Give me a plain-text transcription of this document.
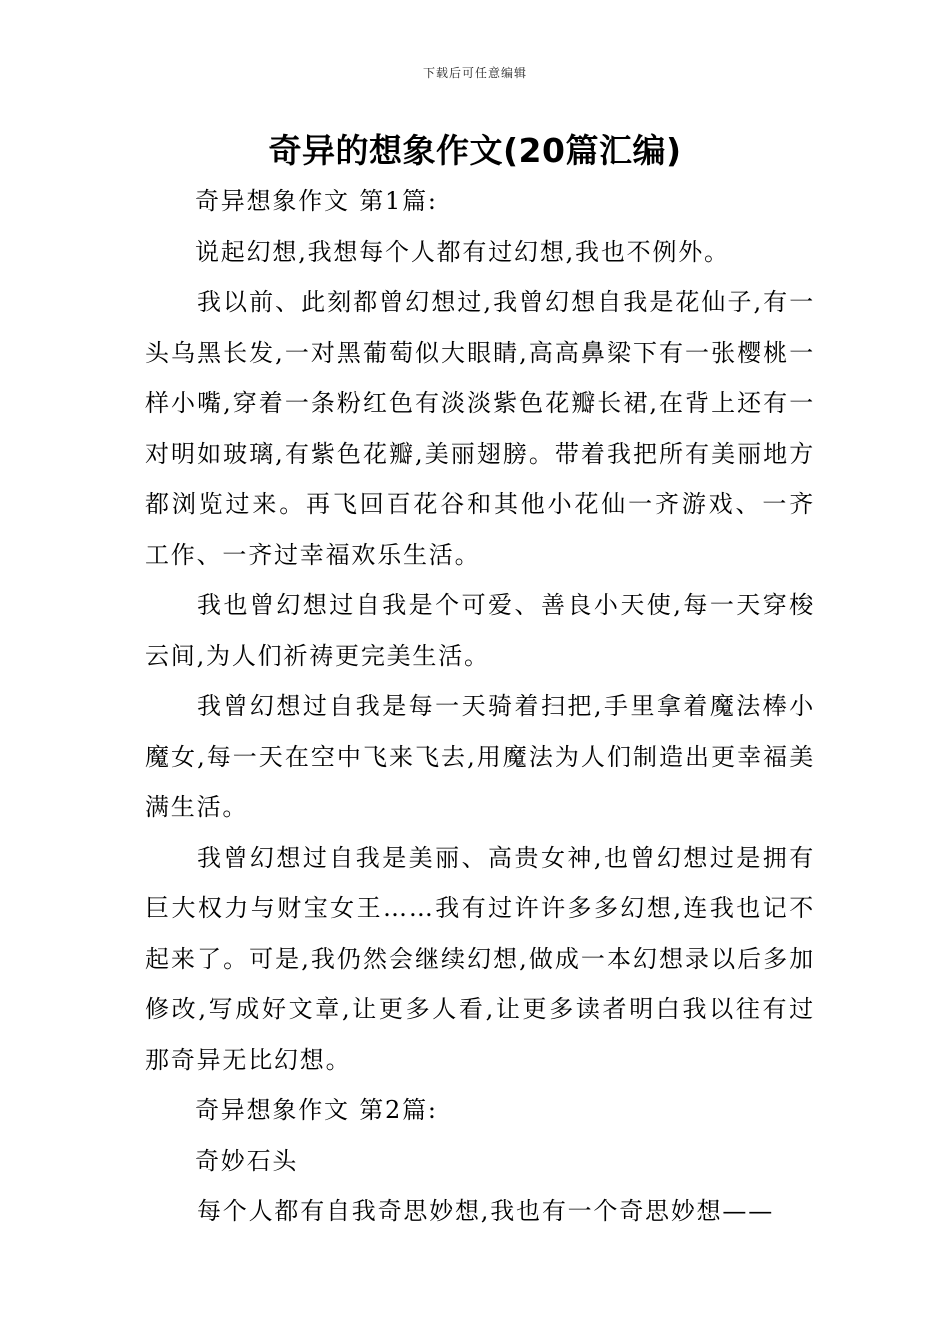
下载后可任意编辑
奇异的想象作文(20篇汇编)

奇异想象作文 第1篇:

说起幻想,我想每个人都有过幻想,我也不例外。

我以前、此刻都曾幻想过,我曾幻想自我是花仙子,有一头乌黑长发,一对黑葡萄似大眼睛,高高鼻梁下有一张樱桃一样小嘴,穿着一条粉红色有淡淡紫色花瓣长裙,在背上还有一对明如玻璃,有紫色花瓣,美丽翅膀。带着我把所有美丽地方都浏览过来。再飞回百花谷和其他小花仙一齐游戏、一齐工作、一齐过幸福欢乐生活。

我也曾幻想过自我是个可爱、善良小天使,每一天穿梭云间,为人们祈祷更完美生活。

我曾幻想过自我是每一天骑着扫把,手里拿着魔法棒小魔女,每一天在空中飞来飞去,用魔法为人们制造出更幸福美满生活。

我曾幻想过自我是美丽、高贵女神,也曾幻想过是拥有巨大权力与财宝女王……我有过许许多多幻想,连我也记不起来了。可是,我仍然会继续幻想,做成一本幻想录以后多加修改,写成好文章,让更多人看,让更多读者明白我以往有过那奇异无比幻想。

奇异想象作文 第2篇:

奇妙石头

每个人都有自我奇思妙想,我也有一个奇思妙想——
